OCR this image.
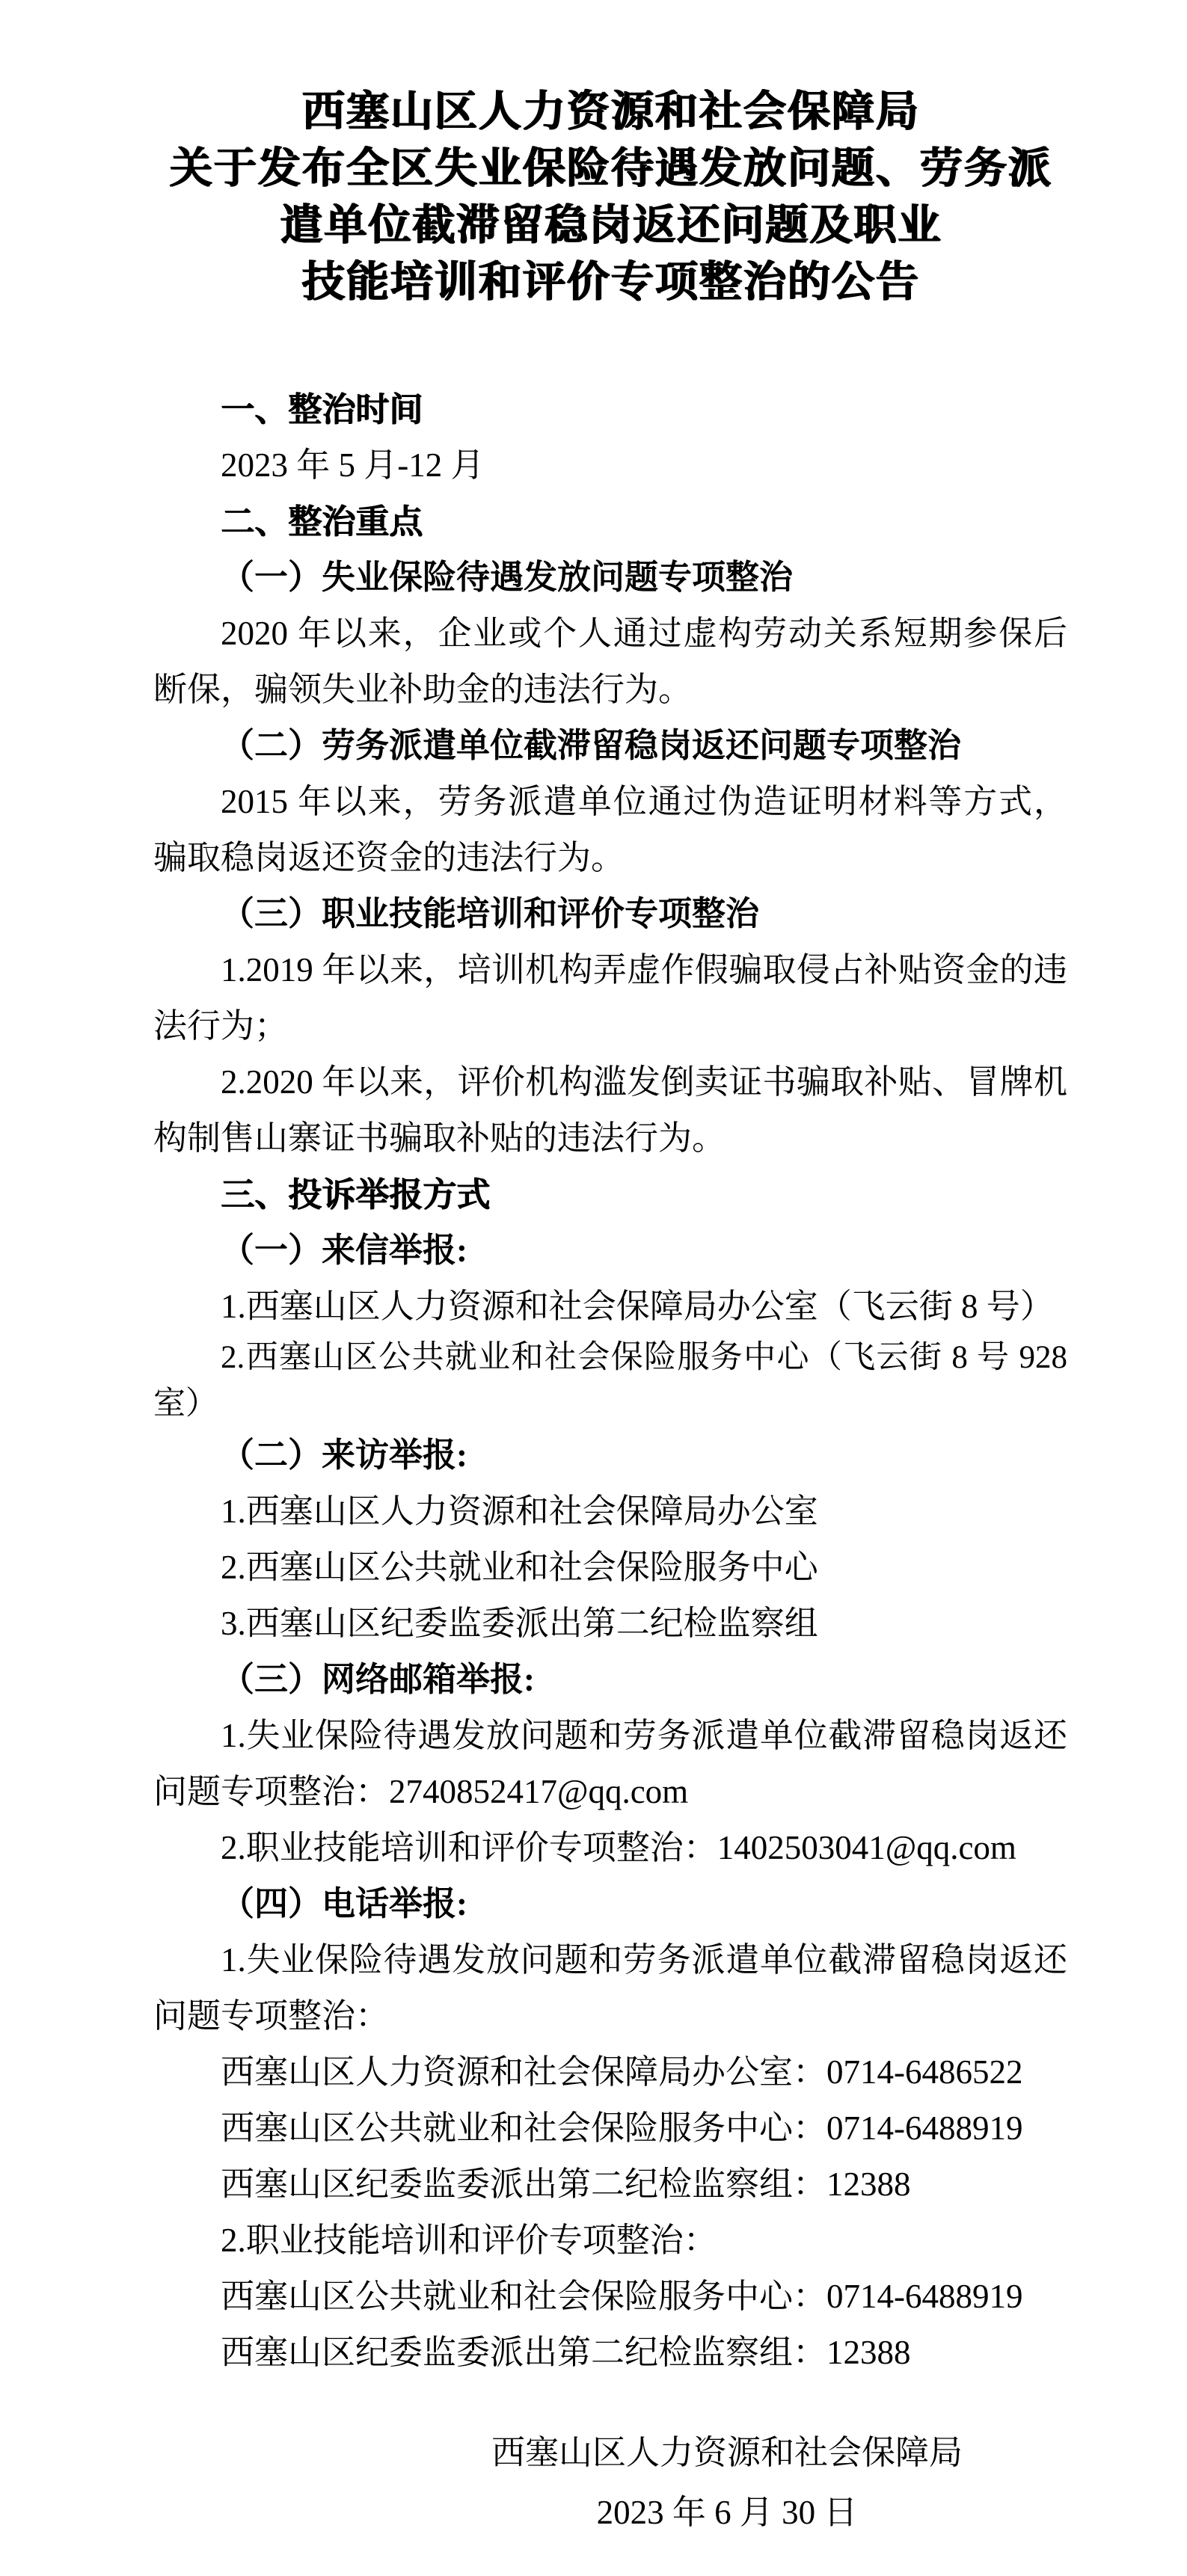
西塞山区人力资源和社会保障局
关于发布全区失业保险待遇发放问题、劳务派
遣单位截滞留稳岗返还问题及职业
技能培训和评价专项整治的公告
一、整治时间
2023 年 5 月-12 月
二、整治重点
（一）失业保险待遇发放问题专项整治
2020 年以来，企业或个人通过虚构劳动关系短期参保后断保，骗领失业补助金的违法行为。
（二）劳务派遣单位截滞留稳岗返还问题专项整治
2015 年以来，劳务派遣单位通过伪造证明材料等方式，骗取稳岗返还资金的违法行为。
（三）职业技能培训和评价专项整治
1.2019 年以来，培训机构弄虚作假骗取侵占补贴资金的违法行为；
2.2020 年以来，评价机构滥发倒卖证书骗取补贴、冒牌机构制售山寨证书骗取补贴的违法行为。
三、投诉举报方式
（一）来信举报:
1.西塞山区人力资源和社会保障局办公室（飞云街 8 号）
2.西塞山区公共就业和社会保险服务中心（飞云街 8 号 928 室）
（二）来访举报:
1.西塞山区人力资源和社会保障局办公室
2.西塞山区公共就业和社会保险服务中心
3.西塞山区纪委监委派出第二纪检监察组
（三）网络邮箱举报:
1.失业保险待遇发放问题和劳务派遣单位截滞留稳岗返还问题专项整治：2740852417@qq.com
2.职业技能培训和评价专项整治：1402503041@qq.com
（四）电话举报:
1.失业保险待遇发放问题和劳务派遣单位截滞留稳岗返还问题专项整治：
西塞山区人力资源和社会保障局办公室：0714-6486522
西塞山区公共就业和社会保险服务中心：0714-6488919
西塞山区纪委监委派出第二纪检监察组：12388
2.职业技能培训和评价专项整治：
西塞山区公共就业和社会保险服务中心：0714-6488919
西塞山区纪委监委派出第二纪检监察组：12388
西塞山区人力资源和社会保障局
2023 年 6 月 30 日
